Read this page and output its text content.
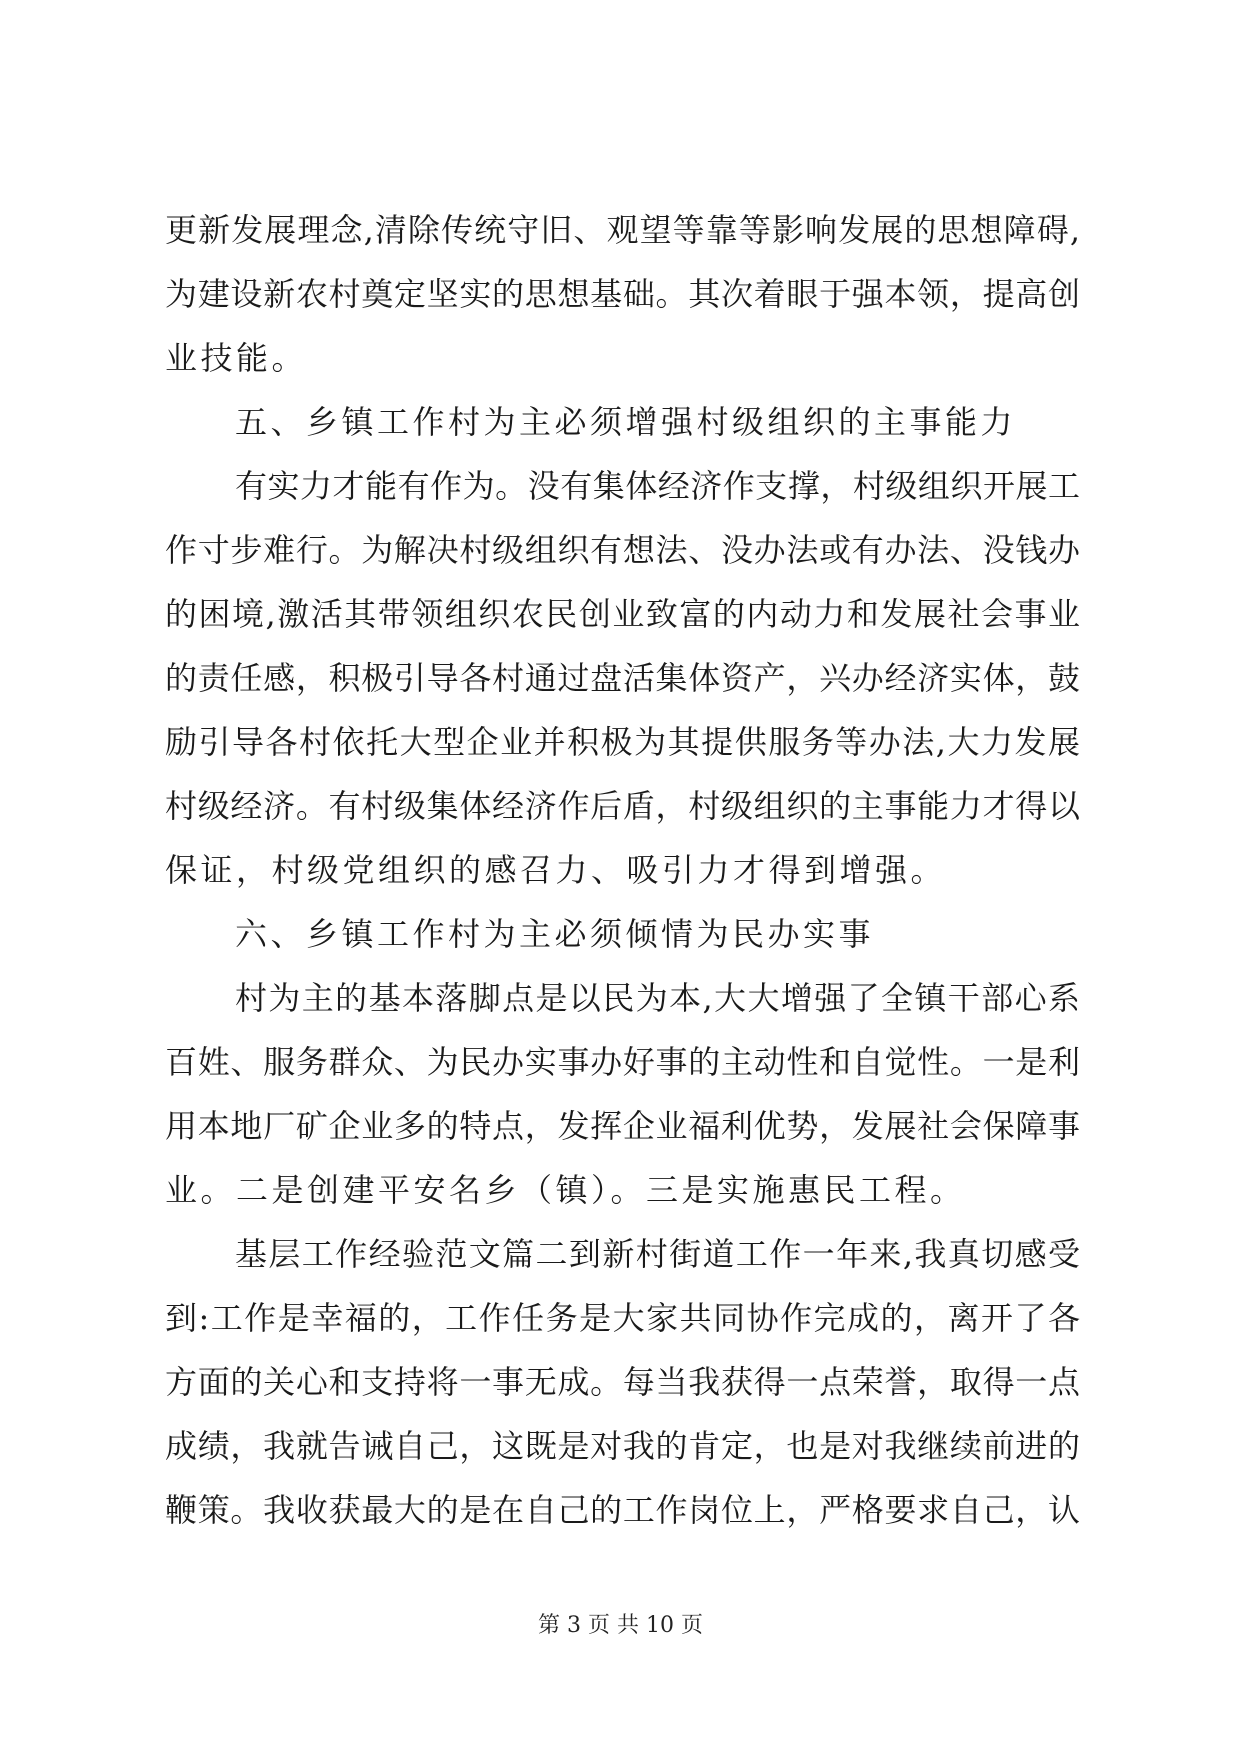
更新发展理念,清除传统守旧、观望等靠等影响发展的思想障碍,
为建设新农村奠定坚实的思想基础。其次着眼于强本领，提高创
业技能。
五、乡镇工作村为主必须增强村级组织的主事能力
有实力才能有作为。没有集体经济作支撑，村级组织开展工
作寸步难行。为解决村级组织有想法、没办法或有办法、没钱办
的困境,激活其带领组织农民创业致富的内动力和发展社会事业
的责任感，积极引导各村通过盘活集体资产，兴办经济实体，鼓
励引导各村依托大型企业并积极为其提供服务等办法,大力发展
村级经济。有村级集体经济作后盾，村级组织的主事能力才得以
保证，村级党组织的感召力、吸引力才得到增强。
六、乡镇工作村为主必须倾情为民办实事
村为主的基本落脚点是以民为本,大大增强了全镇干部心系
百姓、服务群众、为民办实事办好事的主动性和自觉性。一是利
用本地厂矿企业多的特点，发挥企业福利优势，发展社会保障事
业。二是创建平安名乡（镇）。三是实施惠民工程。
基层工作经验范文篇二到新村街道工作一年来,我真切感受
到:工作是幸福的，工作任务是大家共同协作完成的，离开了各
方面的关心和支持将一事无成。每当我获得一点荣誉，取得一点
成绩，我就告诫自己，这既是对我的肯定，也是对我继续前进的
鞭策。我收获最大的是在自己的工作岗位上，严格要求自己，认
第 3 页 共 10 页
